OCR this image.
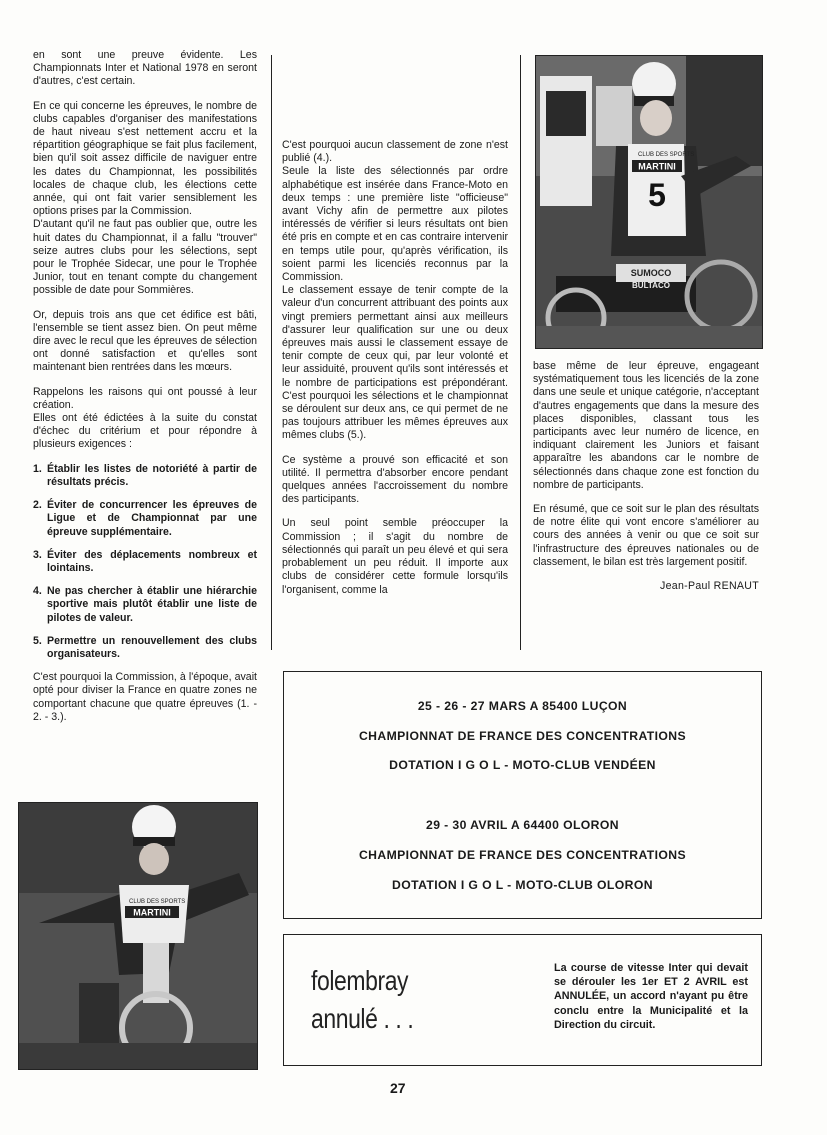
en sont une preuve évidente. Les Championnats Inter et National 1978 en seront d'autres, c'est certain.

En ce qui concerne les épreuves, le nombre de clubs capables d'organiser des manifestations de haut niveau s'est nettement accru et la répartition géographique se fait plus facilement, bien qu'il soit assez difficile de naviguer entre les dates du Championnat, les possibilités locales de chaque club, les élections cette année, qui ont fait varier sensiblement les options prises par la Commission.

D'autant qu'il ne faut pas oublier que, outre les huit dates du Championnat, il a fallu "trouver" seize autres clubs pour les sélections, sept pour le Trophée Sidecar, une pour le Trophée Junior, tout en tenant compte du changement possible de date pour Sommières.

Or, depuis trois ans que cet édifice est bâti, l'ensemble se tient assez bien. On peut même dire avec le recul que les épreuves de sélection ont donné satisfaction et qu'elles sont maintenant bien rentrées dans les mœurs.

Rappelons les raisons qui ont poussé à leur création.

Elles ont été édictées à la suite du constat d'échec du critérium et pour répondre à plusieurs exigences :

1. Établir les listes de notoriété à partir de résultats précis.
2. Éviter de concurrencer les épreuves de Ligue et de Championnat par une épreuve supplémentaire.
3. Éviter des déplacements nombreux et lointains.
4. Ne pas chercher à établir une hiérarchie sportive mais plutôt établir une liste de pilotes de valeur.
5. Permettre un renouvellement des clubs organisateurs.

C'est pourquoi la Commission, à l'époque, avait opté pour diviser la France en quatre zones ne comportant chacune que quatre épreuves (1. - 2. - 3.).

C'est pourquoi aucun classement de zone n'est publié (4.).

Seule la liste des sélectionnés par ordre alphabétique est insérée dans France-Moto en deux temps : une première liste "officieuse" avant Vichy afin de permettre aux pilotes intéressés de vérifier si leurs résultats ont bien été pris en compte et en cas contraire intervenir en temps utile pour, qu'après vérification, ils soient parmi les licenciés reconnus par la Commission.

Le classement essaye de tenir compte de la valeur d'un concurrent attribuant des points aux vingt premiers permettant ainsi aux meilleurs d'assurer leur qualification sur une ou deux épreuves mais aussi le classement essaye de tenir compte de ceux qui, par leur volonté et leur assiduité, prouvent qu'ils sont intéressés et le nombre de participations est prépondérant. C'est pourquoi les sélections et le championnat se déroulent sur deux ans, ce qui permet de ne pas toujours attribuer les mêmes épreuves aux mêmes clubs (5.).

Ce système a prouvé son efficacité et son utilité. Il permettra d'absorber encore pendant quelques années l'accroissement du nombre des participants.

Un seul point semble préoccuper la Commission ; il s'agit du nombre de sélectionnés qui paraît un peu élevé et qui sera probablement un peu réduit. Il importe aux clubs de considérer cette formule lorsqu'ils l'organisent, comme la

CLUB DES SPORTS
MARTINI
5
SUMOCO
BULTACO

base même de leur épreuve, engageant systématiquement tous les licenciés de la zone dans une seule et unique catégorie, n'acceptant d'autres engagements que dans la mesure des places disponibles, classant tous les participants avec leur numéro de licence, en indiquant clairement les Juniors et faisant apparaître les abandons car le nombre de sélectionnés dans chaque zone est fonction du nombre de participants.

En résumé, que ce soit sur le plan des résultats de notre élite qui vont encore s'améliorer au cours des années à venir ou que ce soit sur l'infrastructure des épreuves nationales ou de classement, le bilan est très largement positif.

Jean-Paul RENAUT
CLUB DES SPORTS
MARTINI
25 - 26 - 27 MARS A 85400 LUÇON
CHAMPIONNAT DE FRANCE DES CONCENTRATIONS
DOTATION I G O L - MOTO-CLUB VENDÉEN
29 - 30 AVRIL A 64400 OLORON
CHAMPIONNAT DE FRANCE DES CONCENTRATIONS
DOTATION I G O L - MOTO-CLUB OLORON
folembray
annulé . . .
La course de vitesse Inter qui devait se dérouler les 1er ET 2 AVRIL est ANNULÉE, un accord n'ayant pu être conclu entre la Municipalité et la Direction du circuit.
27
